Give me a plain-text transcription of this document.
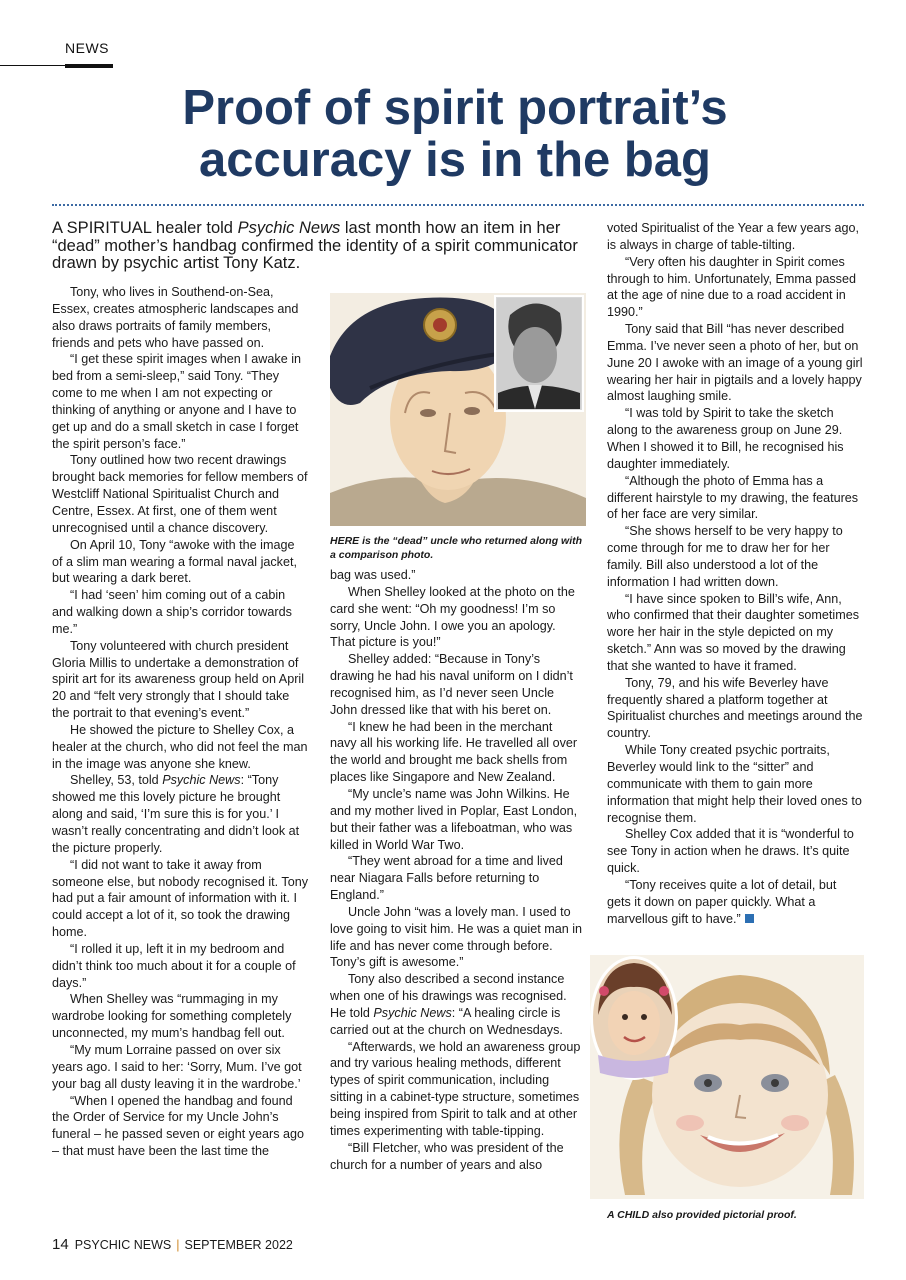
NEWS
Proof of spirit portrait’s
accuracy is in the bag

A SPIRITUAL healer told Psychic News last month how an item in her “dead” mother’s handbag confirmed the identity of a spirit communicator drawn by psychic artist Tony Katz.

Tony, who lives in Southend-on-Sea, Essex, creates atmospheric landscapes and also draws portraits of family members, friends and pets who have passed on.

“I get these spirit images when I awake in bed from a semi-sleep,” said Tony. “They come to me when I am not expecting or thinking of anything or anyone and I have to get up and do a small sketch in case I forget the spirit person’s face.”

Tony outlined how two recent drawings brought back memories for fellow members of Westcliff National Spiritualist Church and Centre, Essex. At first, one of them went unrecognised until a chance discovery.

On April 10, Tony “awoke with the image of a slim man wearing a formal naval jacket, but wearing a dark beret.

“I had ‘seen’ him coming out of a cabin and walking down a ship’s corridor towards me.”

Tony volunteered with church president Gloria Millis to undertake a demonstration of spirit art for its awareness group held on April 20 and “felt very strongly that I should take the portrait to that evening’s event.”

He showed the picture to Shelley Cox, a healer at the church, who did not feel the man in the image was anyone she knew.

Shelley, 53, told Psychic News: “Tony showed me this lovely picture he brought along and said, ‘I’m sure this is for you.’ I wasn’t really concentrating and didn’t look at the picture properly.

“I did not want to take it away from someone else, but nobody recognised it. Tony had put a fair amount of information with it. I could accept a lot of it, so took the drawing home.

“I rolled it up, left it in my bedroom and didn’t think too much about it for a couple of days.”

When Shelley was “rummaging in my wardrobe looking for something completely unconnected, my mum’s handbag fell out.

“My mum Lorraine passed on over six years ago. I said to her: ‘Sorry, Mum. I’ve got your bag all dusty leaving it in the wardrobe.’

“When I opened the handbag and found the Order of Service for my Uncle John’s funeral – he passed seven or eight years ago – that must have been the last time the

HERE is the “dead” uncle who returned along with a comparison photo.

bag was used.”

When Shelley looked at the photo on the card she went: “Oh my goodness! I’m so sorry, Uncle John. I owe you an apology. That picture is you!”

Shelley added: “Because in Tony’s drawing he had his naval uniform on I didn’t recognised him, as I’d never seen Uncle John dressed like that with his beret on.

“I knew he had been in the merchant navy all his working life. He travelled all over the world and brought me back shells from places like Singapore and New Zealand.

“My uncle’s name was John Wilkins. He and my mother lived in Poplar, East London, but their father was a lifeboatman, who was killed in World War Two.

“They went abroad for a time and lived near Niagara Falls before returning to England.”

Uncle John “was a lovely man. I used to love going to visit him. He was a quiet man in life and has never come through before. Tony’s gift is awesome.”

Tony also described a second instance when one of his drawings was recognised. He told Psychic News: “A healing circle is carried out at the church on Wednesdays.

“Afterwards, we hold an awareness group and try various healing methods, different types of spirit communication, including sitting in a cabinet-type structure, sometimes being inspired from Spirit to talk and at other times experimenting with table-tipping.

“Bill Fletcher, who was president of the church for a number of years and also

voted Spiritualist of the Year a few years ago, is always in charge of table-tilting.

“Very often his daughter in Spirit comes through to him. Unfortunately, Emma passed at the age of nine due to a road accident in 1990.”

Tony said that Bill “has never described Emma. I’ve never seen a photo of her, but on June 20 I awoke with an image of a young girl wearing her hair in pigtails and a lovely happy almost laughing smile.

“I was told by Spirit to take the sketch along to the awareness group on June 29. When I showed it to Bill, he recognised his daughter immediately.

“Although the photo of Emma has a different hairstyle to my drawing, the features of her face are very similar.

“She shows herself to be very happy to come through for me to draw her for her family. Bill also understood a lot of the information I had written down.

“I have since spoken to Bill’s wife, Ann, who confirmed that their daughter sometimes wore her hair in the style depicted on my sketch.” Ann was so moved by the drawing that she wanted to have it framed.

Tony, 79, and his wife Beverley have frequently shared a platform together at Spiritualist churches and meetings around the country.

While Tony created psychic portraits, Beverley would link to the “sitter” and communicate with them to gain more information that might help their loved ones to recognise them.

Shelley Cox added that it is “wonderful to see Tony in action when he draws. It’s quite quick.

“Tony receives quite a lot of detail, but gets it down on paper quickly. What a marvellous gift to have.”

A CHILD also provided pictorial proof.
14 PSYCHIC NEWS | SEPTEMBER 2022
